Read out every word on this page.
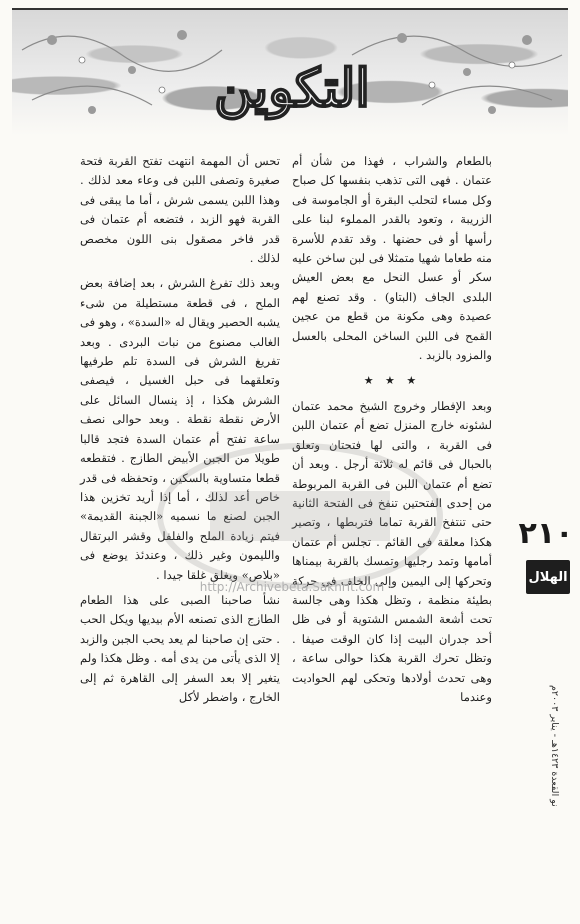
التكوين

بالطعام والشراب ، فهذا من شأن أم عتمان . فهى التى تذهب بنفسها كل صباح وكل مساء لتحلب البقرة أو الجاموسة فى الزريبة ، وتعود بالقدر المملوء لبنا على رأسها أو فى حضنها . وقد تقدم للأسرة منه طعاما شهيا متمثلا فى لبن ساخن عليه سكر أو عسل النحل مع بعض العيش البلدى الجاف (البتاو) . وقد تصنع لهم عصيدة وهى مكونة من قطع من عجين القمح فى اللبن الساخن المحلى بالعسل والمزود بالزبد .

★ ★ ★

وبعد الإفطار وخروج الشيخ محمد عتمان لشئونه خارج المنزل تضع أم عتمان اللبن فى القربة ، والتى لها فتحتان وتعلق بالحبال فى قائم له ثلاثة أرجل . وبعد أن تضع أم عتمان اللبن فى القربة المربوطة من إحدى الفتحتين تنفخ فى الفتحة الثانية حتى تنتفخ القربة تماما فتربطها ، وتصير هكذا معلقة فى القائم . تجلس أم عتمان أمامها وتمد رجليها وتمسك بالقربة بيمناها وتحركها إلى اليمين وإلى الخلف فى حركة بطيئة منظمة ، وتظل هكذا وهى جالسة تحت أشعة الشمس الشتوية أو فى ظل أحد جدران البيت إذا كان الوقت صيفا . وتظل تحرك القربة هكذا حوالى ساعة ، وهى تحدث أولادها وتحكى لهم الحواديت وعندما

تحس أن المهمة انتهت تفتح القربة فتحة صغيرة وتصفى اللبن فى وعاء معد لذلك . وهذا اللبن يسمى شرش ، أما ما يبقى فى القربة فهو الزبد ، فتضعه أم عتمان فى قدر فاخر مصقول بنى اللون مخصص لذلك .

وبعد ذلك تفرغ الشرش ، بعد إضافة بعض الملح ، فى قطعة مستطيلة من شىء يشبه الحصير ويقال له «السدة» ، وهو فى الغالب مصنوع من نبات البردى . وبعد تفريغ الشرش فى السدة تلم طرفيها وتعلقهما فى حبل الغسيل ، فيصفى الشرش هكذا ، إذ ينسال السائل على الأرض نقطة نقطة . وبعد حوالى نصف ساعة تفتح أم عتمان السدة فتجد قالبا طويلا من الجبن الأبيض الطازج . فتقطعه قطعا متساوية بالسكين ، وتحفظه فى قدر خاص أعد لذلك ، أما إذا أريد تخزين هذا الجبن لصنع ما نسميه «الجبنة القديمة» فيتم زيادة الملح والفلفل وقشر البرتقال والليمون وغير ذلك ، وعندئذ يوضع فى «بلاص» ويغلق غلقا جيدا .

نشأ صاحبنا الصبى على هذا الطعام الطازج الذى تصنعه الأم بيديها ويكل الحب . حتى إن صاحبنا لم يعد يحب الجبن والزبد إلا الذى يأتى من يدى أمه . وظل هكذا ولم يتغير إلا بعد السفر إلى القاهرة ثم إلى الخارج ، واضطر لأكل

http://Archivebeta.Sakhrit.com
٢١٠
الهلال
نو القعدة ١٤٢٣هـ - يناير ٢٠٠٣م
